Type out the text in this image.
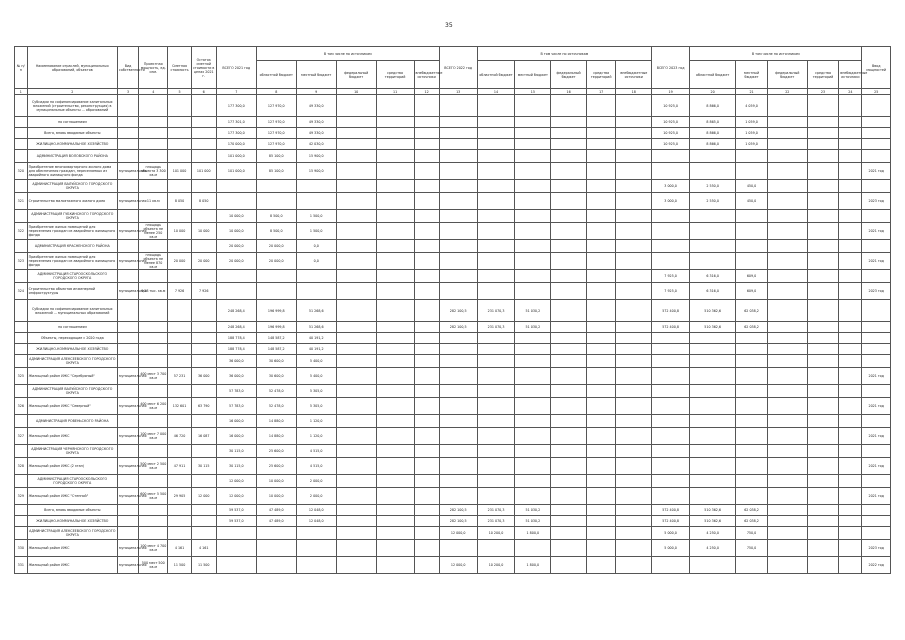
35
№ п/п	Наименование отраслей, муниципальных образований, объектов	Вид собственности	Проектная мощность, ед. изм.	Сметная стоимость	Остаток сметной стоимости в ценах 2021 г.	ВСЕГО 2021 год	В том числе по источникам					ВСЕГО 2022 год	В том числе по источникам					ВСЕГО 2023 год	В том числе по источникам					Ввод мощностей
							областной бюджет	местный бюджет	федеральный бюджет	средства территорий	внебюджетные источники		областной бюджет	местный бюджет	федеральный бюджет	средства территорий	внебюджетные источники		областной бюджет	местный бюджет	федеральный бюджет	средства территорий	внебюджетные источники	
1	2	3	4	5	6	7	8	9	10	11	12	13	14	15	16	17	18	19	20	21	22	23	24	25
	Субсидии на софинансирование капитальных вложений (строительство, реконструкция) в муниципальные объекты ... образований					177 300,0	127 970,0	49 330,0										10 925,0	8 866,0	4 059,0				
	по соглашениям					177 301,0	127 970,0	49 330,0										10 925,0	8 865,0	1 059,0				
	Всего, вновь вводимые объекты					177 300,0	127 970,0	49 330,0										10 925,0	8 866,0	1 059,0				
	ЖИЛИЩНО-КОММУНАЛЬНОЕ ХОЗЯЙСТВО					170 000,0	127 970,0	42 030,0										10 925,0	8 866,0	1 059,0				
	АДМИНИСТРАЦИЯ ВОЛОВСКОГО РАЙОНА					101 000,0	85 100,0	15 900,0																
320	Приобретение многоквартирного жилого дома для обеспечения граждан, переселяемых из аварийного жилищного фонда	муниципальная	площадь объекта 3 300 кв.м	101 000	101 000	101 000,0	85 100,0	15 900,0																2021 год
	АДМИНИСТРАЦИЯ ВАЛУЙСКОГО ГОРОДСКОГО ОКРУГА																	3 000,0	2 550,0	450,0				
321	Строительство малоэтажного жилого дома	муниципальная	11 кв.м	8 050	8 050													3 000,0	2 550,0	450,0				2023 год
	АДМИНИСТРАЦИЯ ГУБКИНСКОГО ГОРОДСКОГО ОКРУГА					10 000,0	8 500,0	1 500,0																
322	Приобретение жилых помещений для переселения граждан из аварийного жилищного фонда	муниципальная	площадь объекта не менее 250 кв.м	10 000	10 000	10 000,0	8 500,0	1 500,0																2021 год
	АДМИНИСТРАЦИЯ КРАСНЕНСКОГО РАЙОНА					20 000,0	20 000,0	0,0																
323	Приобретение жилых помещений для переселения граждан из аварийного жилищного фонда	муниципальная	площадь объекта не менее 870 кв.м	20 000	20 000	20 000,0	20 000,0	0,0																2021 год
	АДМИНИСТРАЦИЯ СТАРООСКОЛЬСКОГО ГОРОДСКОГО ОКРУГА																	7 925,0	6 316,0	609,0				
324	Строительство объектов инженерной инфраструктуры	муниципальная	6,28 тыс. кв.м	7 926	7 926													7 925,0	6 316,0	609,0				2023 год
	Субсидии на софинансирование капитальных вложений ... муниципальных образований					248 268,4	196 999,8	51 268,6				282 100,5	231 070,3	51 030,2				572 400,8	510 362,6	62 038,2				
	по соглашениям					248 268,4	196 999,8	51 268,6				282 100,5	231 070,3	51 030,2				572 400,8	510 362,6	62 038,2				
	Объекты, переходящие с 2020 года					188 778,4	148 587,2	40 191,2																
	ЖИЛИЩНО-КОММУНАЛЬНОЕ ХОЗЯЙСТВО					188 778,4	148 587,2	40 191,2																
	АДМИНИСТРАЦИЯ АЛЕКСЕЕВСКОГО ГОРОДСКОГО ОКРУГА					36 000,0	30 600,0	5 400,0																
325	Жилищный район ИЖС "Серебряный"	муниципальная	400 мест 3 700 кв.м	57 231	36 000	36 000,0	30 600,0	5 400,0																2021 год
	АДМИНИСТРАЦИЯ ВАЛУЙСКОГО ГОРОДСКОГО ОКРУГА					57 783,0	52 478,0	5 305,0																
326	Жилищный район ИЖС "Северный"	муниципальная	400 мест 6 200 кв.м	132 601	63 790	57 783,0	52 478,0	5 305,0																2021 год
	АДМИНИСТРАЦИЯ РОВЕНЬСКОГО РАЙОНА					16 000,0	14 880,0	1 120,0																
327	Жилищный район ИЖС	муниципальная	100 мест 7 000 кв.м	46 720	16 087	16 000,0	14 880,0	1 120,0																2021 год
	АДМИНИСТРАЦИЯ ЧЕРНЯНСКОГО ГОРОДСКОГО ОКРУГА					30 115,0	25 600,0	4 515,0																
328	Жилищный район ИЖС (2 этап)	муниципальная	500 мест 2 500 кв.м	47 911	30 115	30 115,0	25 600,0	4 515,0																2021 год
	АДМИНИСТРАЦИЯ СТАРООСКОЛЬСКОГО ГОРОДСКОГО ОКРУГА					12 000,0	10 000,0	2 000,0																
329	Жилищный район ИЖС "Степной"	муниципальная	600 мест 5 500 кв.м	29 905	12 000	12 000,0	10 000,0	2 000,0																2021 год
	Всего, вновь вводимые объекты					59 537,0	47 489,0	12 048,0				282 100,5	231 070,3	51 030,2				572 400,8	510 362,6	62 038,2				
	ЖИЛИЩНО-КОММУНАЛЬНОЕ ХОЗЯЙСТВО					59 537,0	47 489,0	12 048,0				282 100,5	231 070,3	51 030,2				572 400,8	510 362,6	62 038,2				
	АДМИНИСТРАЦИЯ АЛЕКСЕЕВСКОГО ГОРОДСКОГО ОКРУГА											12 000,0	10 200,0	1 800,0				5 000,0	4 250,0	750,0				
330	Жилищный район ИЖС	муниципальная	100 мест 4 700 кв.м	4 161	4 161													5 000,0	4 250,0	750,0				2023 год
331	Жилищный район ИЖС	муниципальная	500 мест 500 кв.м	11 500	11 500							12 000,0	10 200,0	1 800,0										2022 год
